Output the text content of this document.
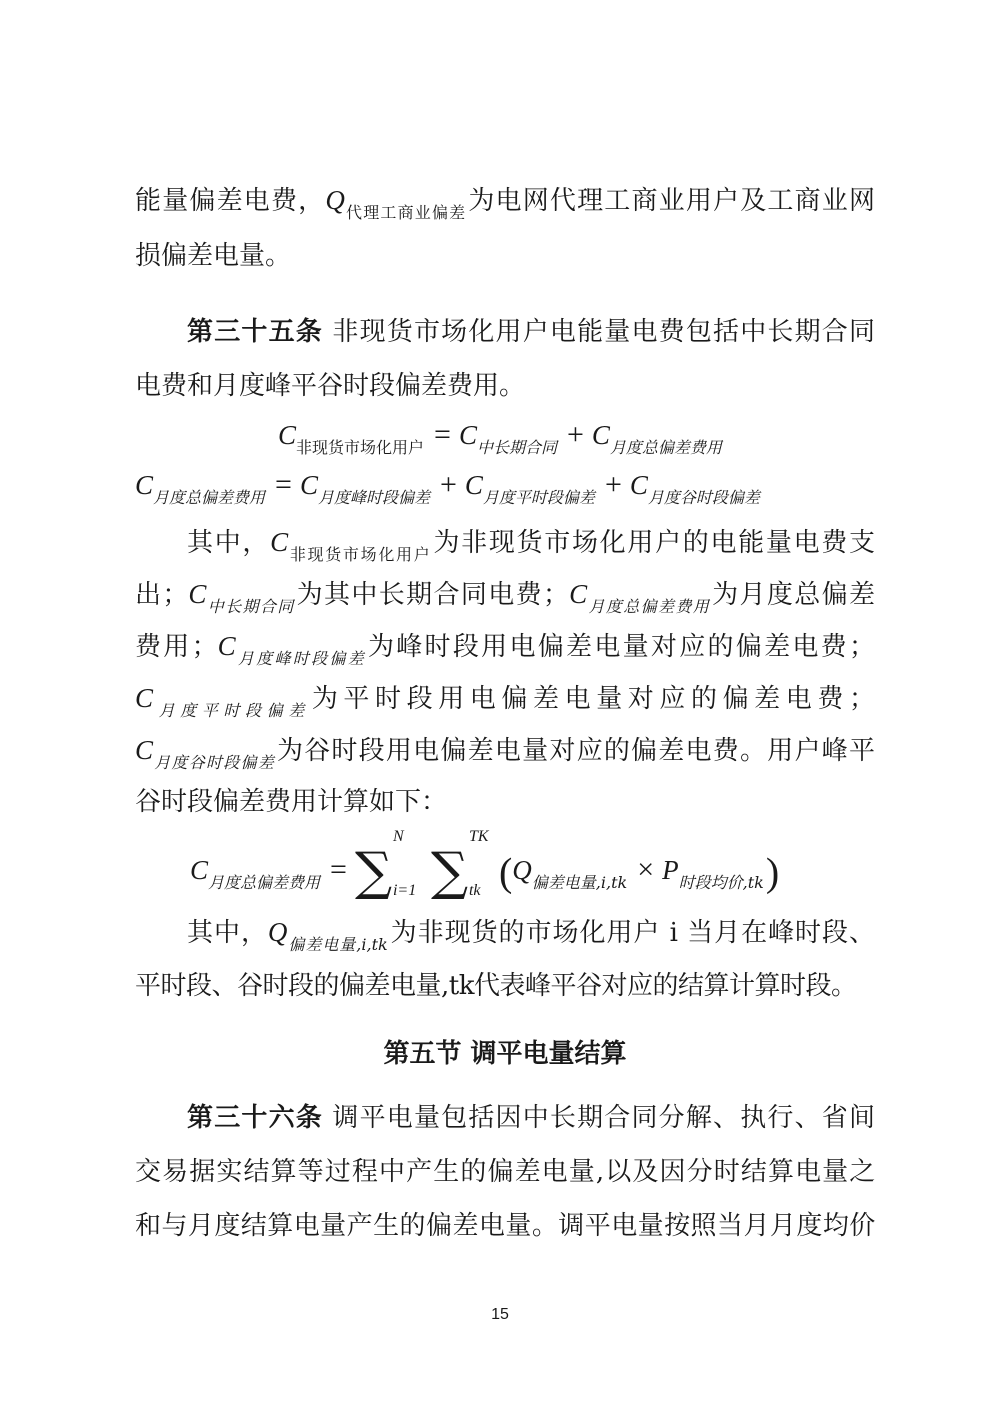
能量偏差电费，$Q_{代理工商业偏差}$为电网代理工商业用户及工商业网
损偏差电量。
第三十五条 非现货市场化用户电能量电费包括中长期合同
电费和月度峰平谷时段偏差费用。
$C_{非现货市场化用户} = C_{中长期合同} + C_{月度总偏差费用}$
$C_{月度总偏差费用} = C_{月度峰时段偏差} + C_{月度平时段偏差} + C_{月度谷时段偏差}$
其中，$C_{非现货市场化用户}$为非现货市场化用户的电能量电费支
出；$C_{中长期合同}$为其中长期合同电费；$C_{月度总偏差费用}$为月度总偏差
费用；$C_{月度峰时段偏差}$为峰时段用电偏差电量对应的偏差电费；
$C_{月度平时段偏差}$为平时段用电偏差电量对应的偏差电费；
$C_{月度谷时段偏差}$为谷时段用电偏差电量对应的偏差电费。用户峰平
谷时段偏差费用计算如下：
$C_{月度总偏差费用}$ = ∑
N
i=1 ∑
TK
tk $(Q_{偏差电量,i,tk} \times P_{时段均价,tk})$
其中，$Q_{偏差电量,i,tk}$为非现货的市场化用户 i 当月在峰时段、
平时段、谷时段的偏差电量,tk代表峰平谷对应的结算计算时段。
第五节 调平电量结算
第三十六条 调平电量包括因中长期合同分解、执行、省间
交易据实结算等过程中产生的偏差电量,以及因分时结算电量之
和与月度结算电量产生的偏差电量。调平电量按照当月月度均价
15
